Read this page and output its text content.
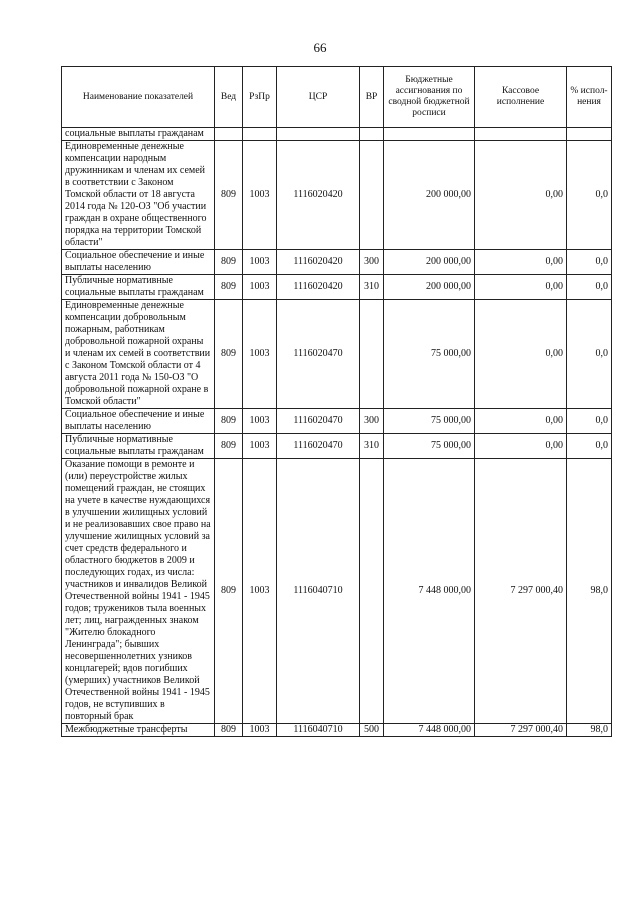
66
Наименование показателей	Вед	РзПр	ЦСР	ВР	Бюджетные ассигнования по сводной бюджетной росписи	Кассовое исполнение	% испол-нения
социальные выплаты гражданам							
Единовременные денежные компенсации народным дружинникам и членам их семей в соответствии с Законом Томской области от 18 августа 2014 года № 120-ОЗ "Об участии граждан в охране общественного порядка на территории Томской области"	809	1003	1116020420		200 000,00	0,00	0,0
Социальное обеспечение и иные выплаты населению	809	1003	1116020420	300	200 000,00	0,00	0,0
Публичные нормативные социальные выплаты гражданам	809	1003	1116020420	310	200 000,00	0,00	0,0
Единовременные денежные компенсации добровольным пожарным, работникам добровольной пожарной охраны и членам их семей в соответствии с Законом Томской области от 4 августа 2011 года № 150-ОЗ "О добровольной пожарной охране в Томской области"	809	1003	1116020470		75 000,00	0,00	0,0
Социальное обеспечение и иные выплаты населению	809	1003	1116020470	300	75 000,00	0,00	0,0
Публичные нормативные социальные выплаты гражданам	809	1003	1116020470	310	75 000,00	0,00	0,0
Оказание помощи в ремонте и (или) переустройстве жилых помещений граждан, не стоящих на учете в качестве нуждающихся в улучшении жилищных условий и не реализовавших свое право на улучшение жилищных условий за счет средств федерального и областного бюджетов в 2009 и последующих годах, из числа: участников и инвалидов Великой Отечественной войны 1941 - 1945 годов; тружеников тыла военных лет; лиц, награжденных знаком "Жителю блокадного Ленинграда"; бывших несовершеннолетних узников концлагерей; вдов погибших (умерших) участников Великой Отечественной войны 1941 - 1945 годов, не вступивших в повторный брак	809	1003	1116040710		7 448 000,00	7 297 000,40	98,0
Межбюджетные трансферты	809	1003	1116040710	500	7 448 000,00	7 297 000,40	98,0
